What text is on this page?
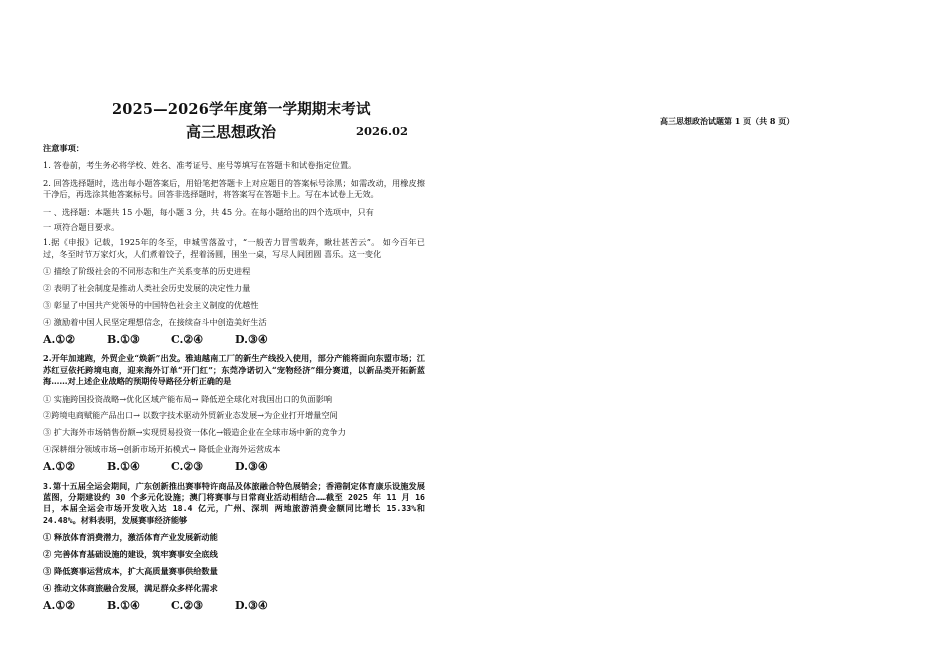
2025—2026学年度第一学期期末考试
高三思想政治	2026.02
高三思想政治试题第 1 页（共 8 页）
注意事项：

1. 答卷前，考生务必将学校、姓名、准考证号、座号等填写在答题卡和试卷指定位置。

2. 回答选择题时，选出每小题答案后，用铅笔把答题卡上对应题目的答案标号涂黑；如需改动，用橡皮擦干净后，再选涂其他答案标号。回答非选择题时，将答案写在答题卡上。写在本试卷上无效。

一 、选择题：本题共 15 小题，每小题 3 分，共 45 分。在每小题给出的四个选项中，只有
一 项符合题目要求。

1.据《申报》记载，1925年的冬至，申城雪落盈寸，“一般苦力冒雪载奔，瞅壮甚苦云”。 如今百年已过，冬至时节万家灯火，人们煮着饺子，捏着汤圆，围坐一桌，写尽人间团圆 喜乐。这一变化

① 描绘了阶级社会的不同形态和生产关系变革的历史进程
② 表明了社会制度是推动人类社会历史发展的决定性力量
③ 彰显了中国共产党领导的中国特色社会主义制度的优越性
④ 激励着中国人民坚定理想信念，在接续奋斗中创造美好生活
A.①②	B.①③	C.②④	D.③④

2.开年加速跑，外贸企业“焕新”出发。雅迪越南工厂的新生产线投入使用，部分产能将面向东盟市场；江苏红豆依托跨境电商，迎来海外订单“开门红”；东莞净诺切入“宠物经济”细分赛道，以新品类开拓新蓝海……对上述企业战略的预期传导路径分析正确的是

① 实施跨国投资战略→优化区域产能布局→ 降低逆全球化对我国出口的负面影响
②跨境电商赋能产品出口→ 以数字技术驱动外贸新业态发展→为企业打开增量空间
③ 扩大海外市场销售份额→实现贸易投资一体化→锻造企业在全球市场中新的竞争力
④深耕细分领域市场→创新市场开拓模式→ 降低企业海外运营成本
A.①②	B.①④	C.②③	D.③④

3.第十五届全运会期间，广东创新推出赛事特许商品及体旅融合特色展销会；香港制定体育康乐设施发展蓝图，分期建设约 30 个多元化设施；澳门将赛事与日常商业活动相结合……截至 2025 年 11 月 16 日，本届全运会市场开发收入达 18.4 亿元，广州、深圳 两地旅游消费金额同比增长 15.33%和 24.48%。材料表明，发展赛事经济能够

① 释放体育消费潜力，激活体育产业发展新动能
② 完善体育基础设施的建设，筑牢赛事安全底线
③ 降低赛事运营成本，扩大高质量赛事供给数量
④ 推动文体商旅融合发展，满足群众多样化需求
A.①②	B.①④	C.②③	D.③④
